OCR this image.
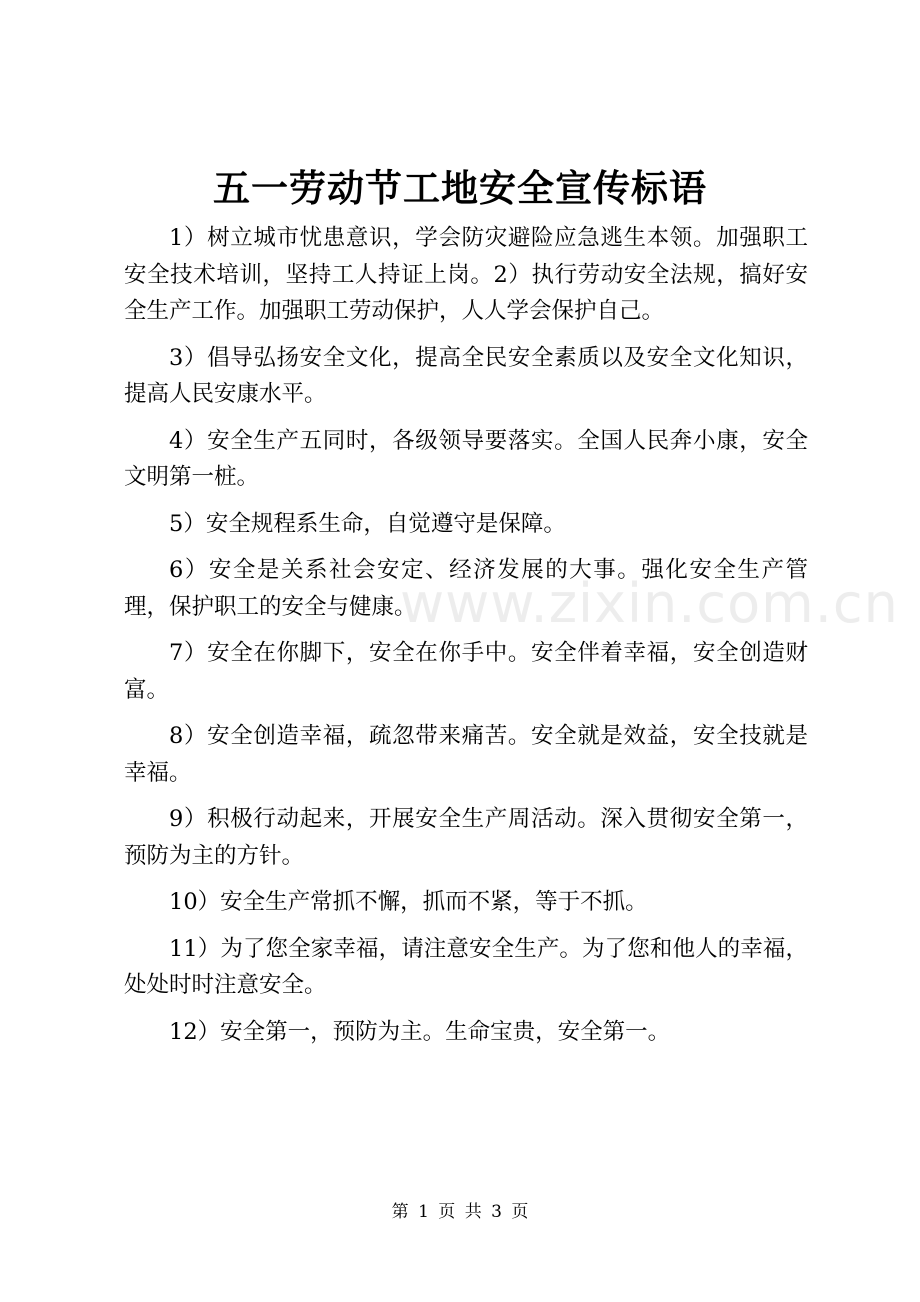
www.zixin.com.cn
五一劳动节工地安全宣传标语

1）树立城市忧患意识，学会防灾避险应急逃生本领。加强职工安全技术培训，坚持工人持证上岗。2）执行劳动安全法规，搞好安全生产工作。加强职工劳动保护，人人学会保护自己。

3）倡导弘扬安全文化，提高全民安全素质以及安全文化知识，提高人民安康水平。

4）安全生产五同时，各级领导要落实。全国人民奔小康，安全文明第一桩。

5）安全规程系生命，自觉遵守是保障。

6）安全是关系社会安定、经济发展的大事。强化安全生产管理，保护职工的安全与健康。

7）安全在你脚下，安全在你手中。安全伴着幸福，安全创造财富。

8）安全创造幸福，疏忽带来痛苦。安全就是效益，安全技就是幸福。

9）积极行动起来，开展安全生产周活动。深入贯彻安全第一，预防为主的方针。

10）安全生产常抓不懈，抓而不紧，等于不抓。

11）为了您全家幸福，请注意安全生产。为了您和他人的幸福，处处时时注意安全。

12）安全第一，预防为主。生命宝贵，安全第一。

第 1 页 共 3 页
